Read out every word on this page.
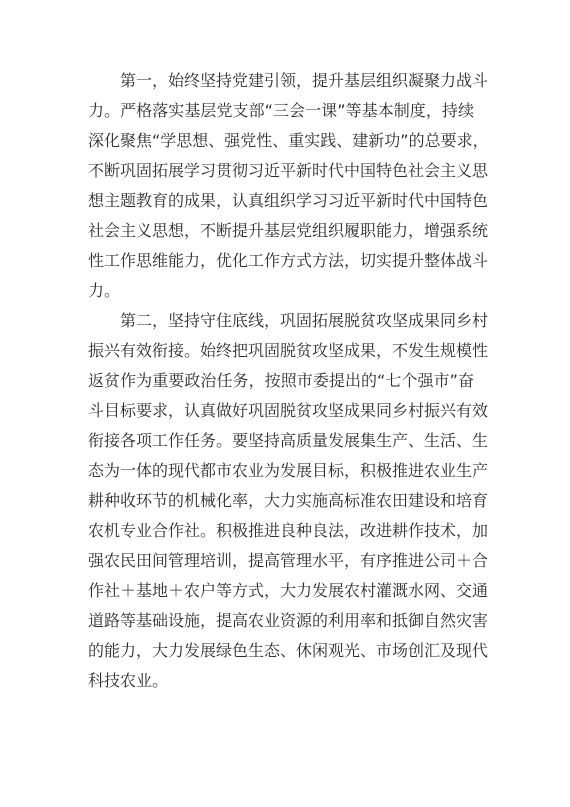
第一，始终坚持党建引领，提升基层组织凝聚力战斗
力。严格落实基层党支部“三会一课”等基本制度，持续
深化聚焦“学思想、强党性、重实践、建新功”的总要求，
不断巩固拓展学习贯彻习近平新时代中国特色社会主义思
想主题教育的成果，认真组织学习习近平新时代中国特色
社会主义思想，不断提升基层党组织履职能力，增强系统
性工作思维能力，优化工作方式方法，切实提升整体战斗
力。
第二，坚持守住底线，巩固拓展脱贫攻坚成果同乡村
振兴有效衔接。始终把巩固脱贫攻坚成果，不发生规模性
返贫作为重要政治任务，按照市委提出的“七个强市”奋
斗目标要求，认真做好巩固脱贫攻坚成果同乡村振兴有效
衔接各项工作任务。要坚持高质量发展集生产、生活、生
态为一体的现代都市农业为发展目标，积极推进农业生产
耕种收环节的机械化率，大力实施高标准农田建设和培育
农机专业合作社。积极推进良种良法，改进耕作技术，加
强农民田间管理培训，提高管理水平，有序推进公司＋合
作社＋基地＋农户等方式，大力发展农村灌溉水网、交通
道路等基础设施，提高农业资源的利用率和抵御自然灾害
的能力，大力发展绿色生态、休闲观光、市场创汇及现代
科技农业。
